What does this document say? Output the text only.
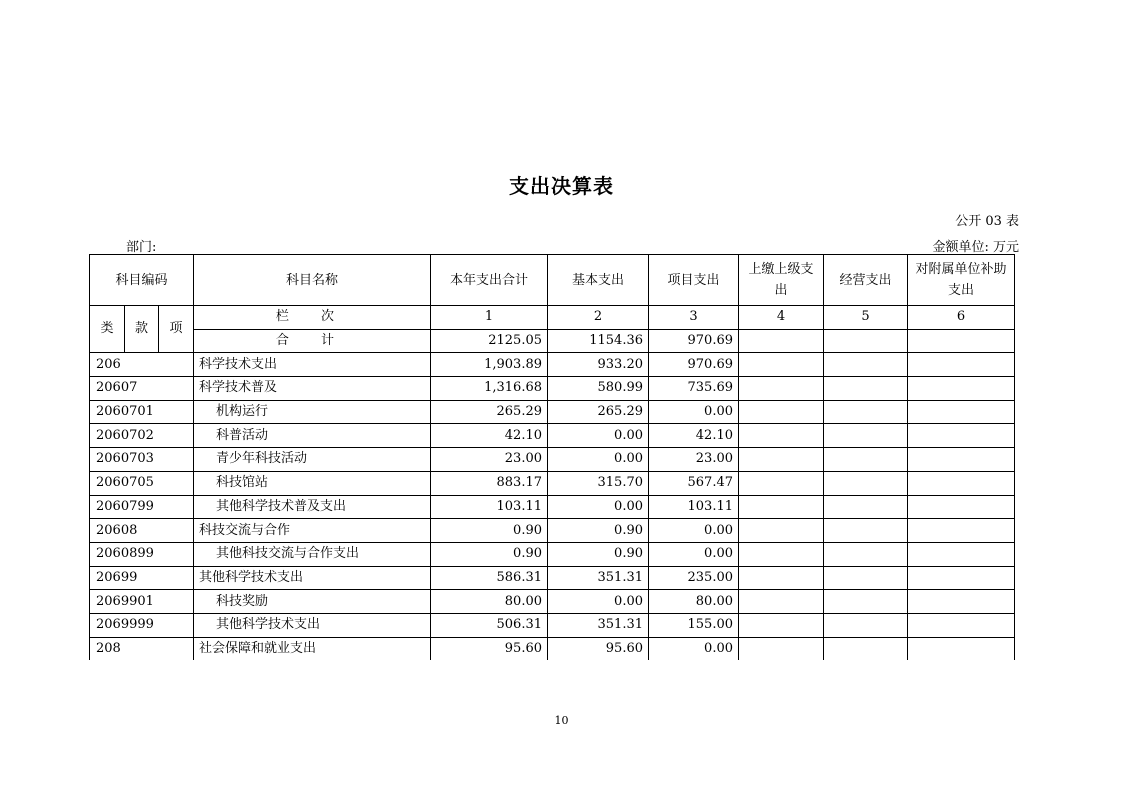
支出决算表
公开 03 表
部门:	金额单位: 万元
科目编码			科目名称	本年支出合计	基本支出	项目支出	上缴上级支出	经营支出	对附属单位补助支出
类	款	项	栏 次	1	2	3	4	5	6
			合 计	2125.05	1154.36	970.69			
206			科学技术支出	1,903.89	933.20	970.69			
20607			科学技术普及	1,316.68	580.99	735.69			
2060701			机构运行	265.29	265.29	0.00			
2060702			科普活动	42.10	0.00	42.10			
2060703			青少年科技活动	23.00	0.00	23.00			
2060705			科技馆站	883.17	315.70	567.47			
2060799			其他科学技术普及支出	103.11	0.00	103.11			
20608			科技交流与合作	0.90	0.90	0.00			
2060899			其他科技交流与合作支出	0.90	0.90	0.00			
20699			其他科学技术支出	586.31	351.31	235.00			
2069901			科技奖励	80.00	0.00	80.00			
2069999			其他科学技术支出	506.31	351.31	155.00			
208			社会保障和就业支出	95.60	95.60	0.00			
10
